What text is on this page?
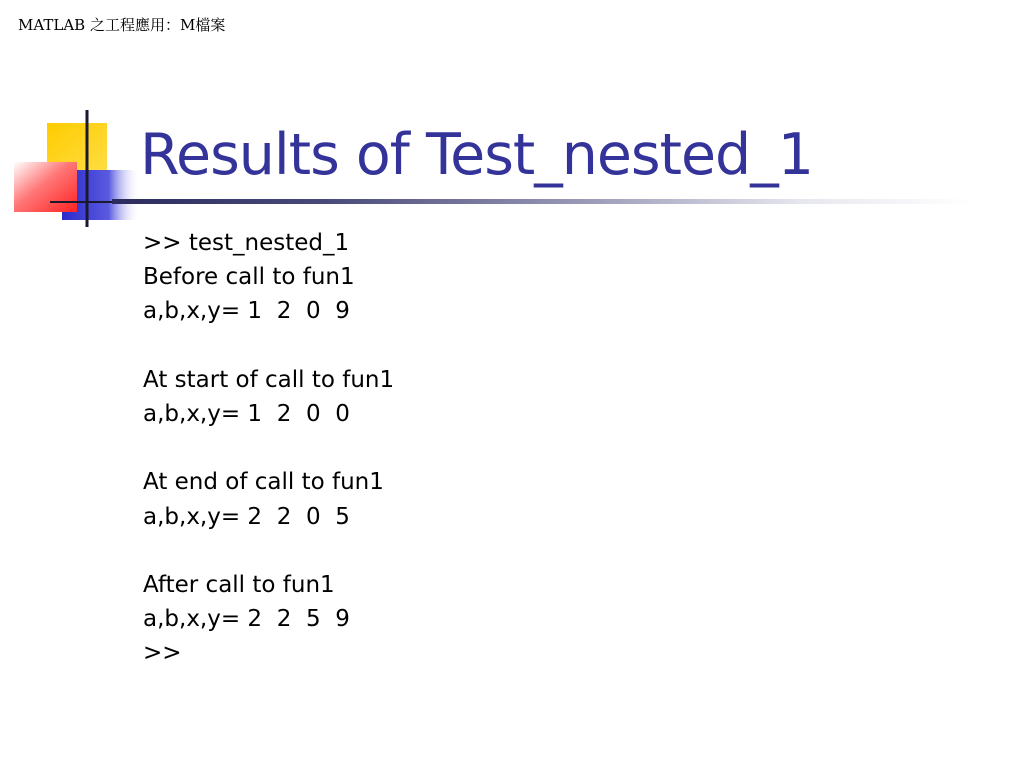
MATLAB 之工程應用：M檔案
Results of Test_nested_1
>> test_nested_1
Before call to fun1
a,b,x,y= 1  2  0  9
At start of call to fun1
a,b,x,y= 1  2  0  0
At end of call to fun1
a,b,x,y= 2  2  0  5
After call to fun1
a,b,x,y= 2  2  5  9
>>
